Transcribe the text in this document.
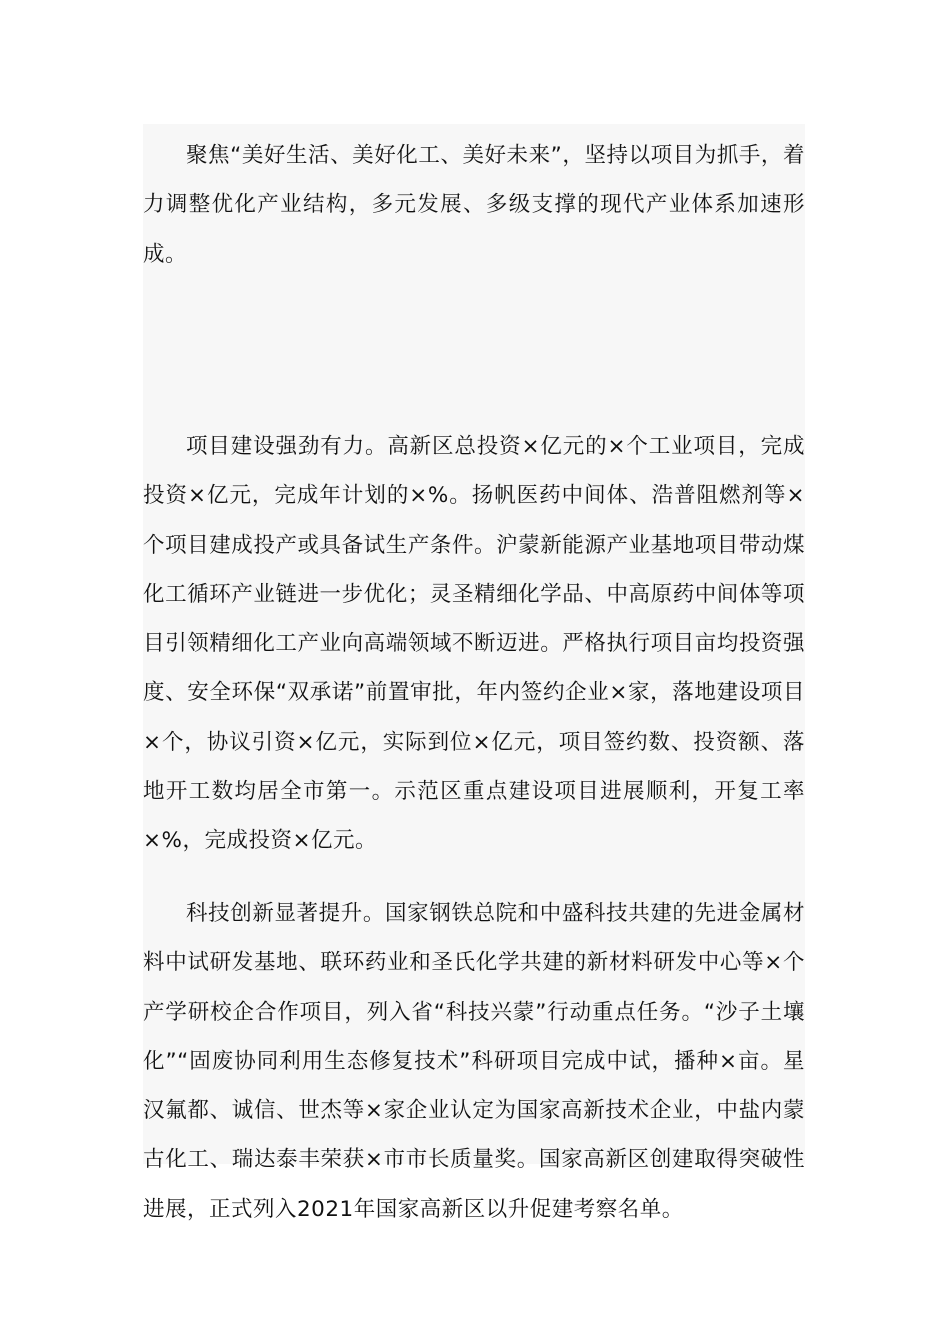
聚焦“美好生活、美好化工、美好未来”，坚持以项目为抓手，着力调整优化产业结构，多元发展、多级支撑的现代产业体系加速形成。

项目建设强劲有力。高新区总投资×亿元的×个工业项目，完成投资×亿元，完成年计划的×%。扬帆医药中间体、浩普阻燃剂等×个项目建成投产或具备试生产条件。沪蒙新能源产业基地项目带动煤化工循环产业链进一步优化；灵圣精细化学品、中高原药中间体等项目引领精细化工产业向高端领域不断迈进。严格执行项目亩均投资强度、安全环保“双承诺”前置审批，年内签约企业×家，落地建设项目×个，协议引资×亿元，实际到位×亿元，项目签约数、投资额、落地开工数均居全市第一。示范区重点建设项目进展顺利，开复工率×%，完成投资×亿元。

科技创新显著提升。国家钢铁总院和中盛科技共建的先进金属材料中试研发基地、联环药业和圣氏化学共建的新材料研发中心等×个产学研校企合作项目，列入省“科技兴蒙”行动重点任务。“沙子土壤化”“固废协同利用生态修复技术”科研项目完成中试，播种×亩。星汉氟都、诚信、世杰等×家企业认定为国家高新技术企业，中盐内蒙古化工、瑞达泰丰荣获×市市长质量奖。国家高新区创建取得突破性进展，正式列入2021年国家高新区以升促建考察名单。
